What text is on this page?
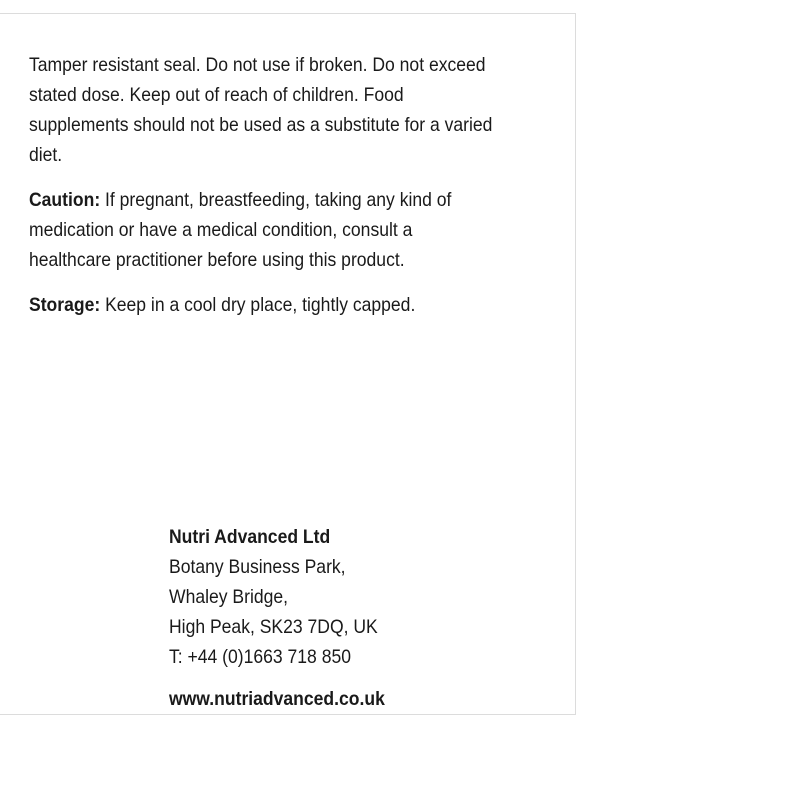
Tamper resistant seal. Do not use if broken. Do not exceed stated dose. Keep out of reach of children. Food supplements should not be used as a substitute for a varied diet.

Caution: If pregnant, breastfeeding, taking any kind of medication or have a medical condition, consult a healthcare practitioner before using this product.

Storage: Keep in a cool dry place, tightly capped.

Nutri Advanced Ltd
Botany Business Park,
Whaley Bridge,
High Peak, SK23 7DQ, UK
T: +44 (0)1663 718 850
www.nutriadvanced.co.uk
